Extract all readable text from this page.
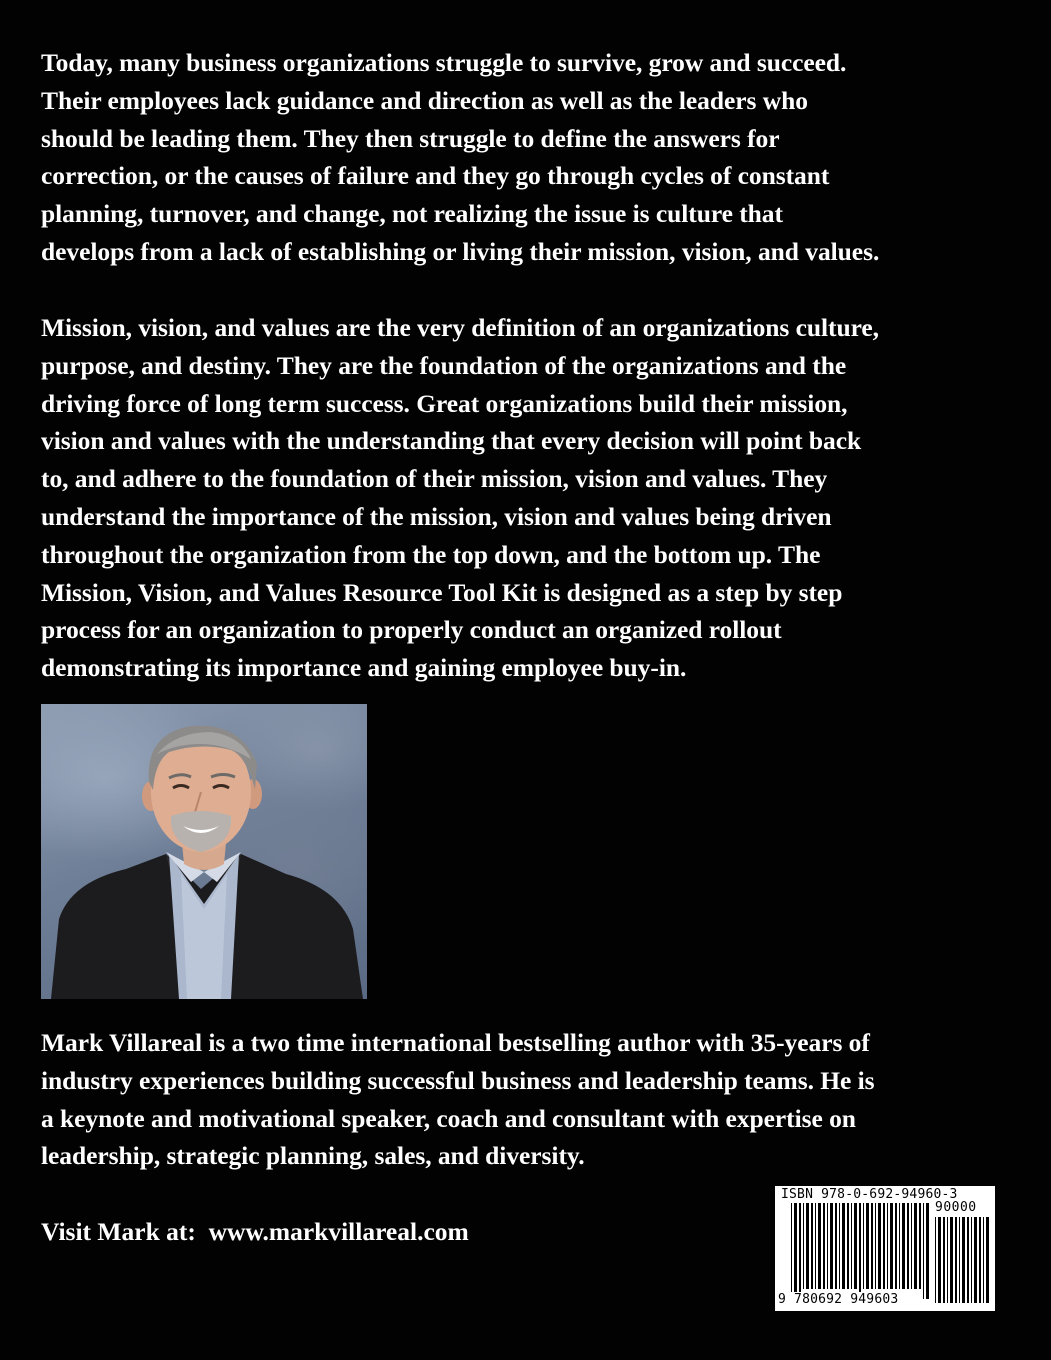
Today, many business organizations struggle to survive, grow and succeed.
Their employees lack guidance and direction as well as the leaders who
should be leading them. They then struggle to define the answers for
correction, or the causes of failure and they go through cycles of constant
planning, turnover, and change, not realizing the issue is culture that
develops from a lack of establishing or living their mission, vision, and values.

Mission, vision, and values are the very definition of an organizations culture,
purpose, and destiny. They are the foundation of the organizations and the
driving force of long term success. Great organizations build their mission,
vision and values with the understanding that every decision will point back
to, and adhere to the foundation of their mission, vision and values. They
understand the importance of the mission, vision and values being driven
throughout the organization from the top down, and the bottom up. The
Mission, Vision, and Values Resource Tool Kit is designed as a step by step
process for an organization to properly conduct an organized rollout
demonstrating its importance and gaining employee buy-in.

Mark Villareal is a two time international bestselling author with 35-years of
industry experiences building successful business and leadership teams. He is
a keynote and motivational speaker, coach and consultant with expertise on
leadership, strategic planning, sales, and diversity.

Visit Mark at: www.markvillareal.com

ISBN 978-0-692-94960-3
90000
9 780692 949603
